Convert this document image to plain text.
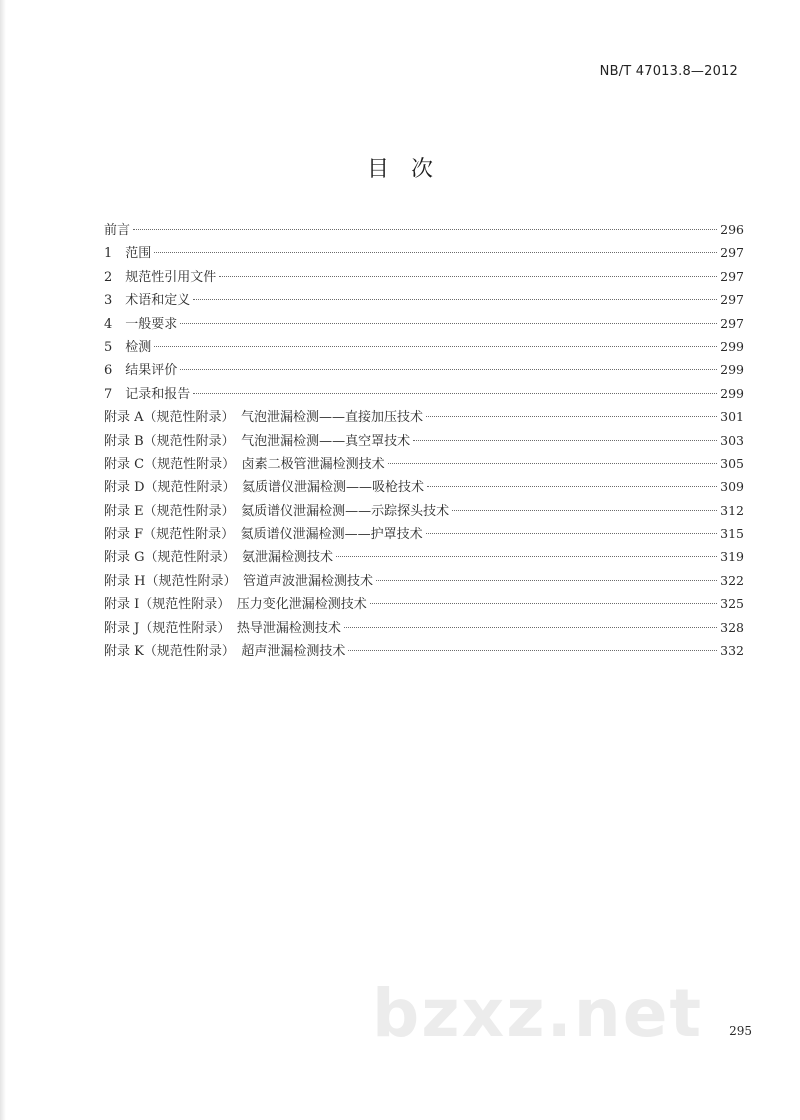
NB/T 47013.8—2012
目　次
前言	296
1　范围	297
2　规范性引用文件	297
3　术语和定义	297
4　一般要求	297
5　检测	299
6　结果评价	299
7　记录和报告	299
附录 A（规范性附录）　气泡泄漏检测——直接加压技术	301
附录 B（规范性附录）　气泡泄漏检测——真空罩技术	303
附录 C（规范性附录）　卤素二极管泄漏检测技术	305
附录 D（规范性附录）　氦质谱仪泄漏检测——吸枪技术	309
附录 E（规范性附录）　氦质谱仪泄漏检测——示踪探头技术	312
附录 F（规范性附录）　氦质谱仪泄漏检测——护罩技术	315
附录 G（规范性附录）　氨泄漏检测技术	319
附录 H（规范性附录）　管道声波泄漏检测技术	322
附录 I（规范性附录）　压力变化泄漏检测技术	325
附录 J（规范性附录）　热导泄漏检测技术	328
附录 K（规范性附录）　超声泄漏检测技术	332
bzxz.net 295
